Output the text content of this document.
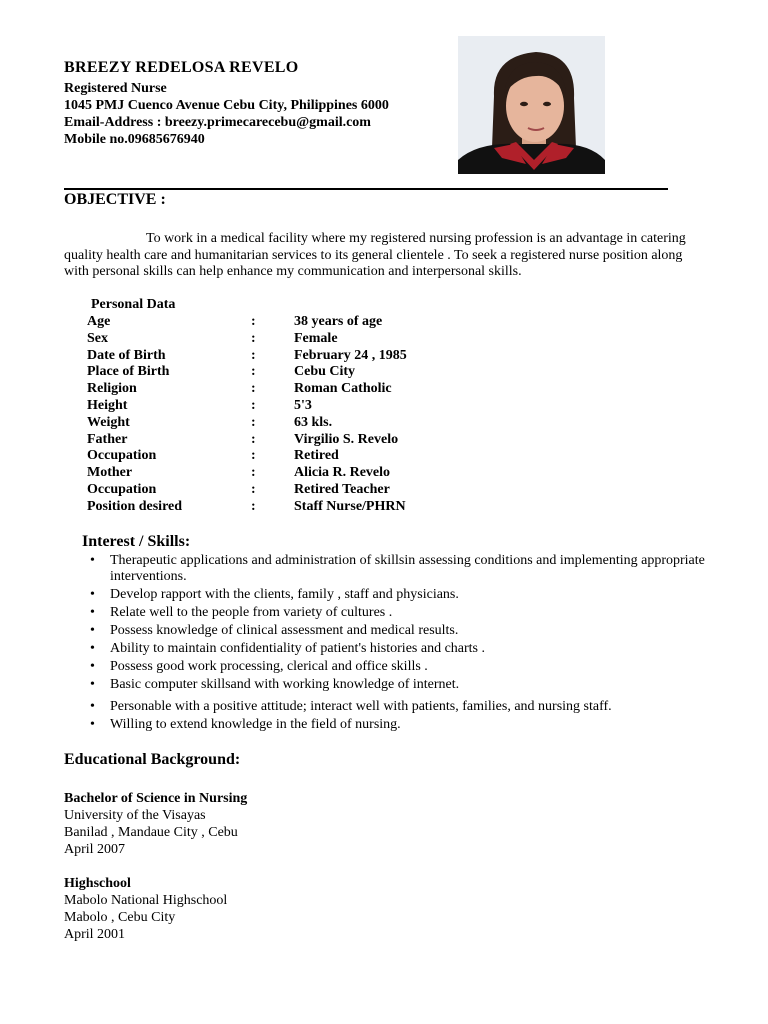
BREEZY REDELOSA REVELO
Registered Nurse
1045 PMJ Cuenco Avenue Cebu City, Philippines 6000
Email-Address : breezy.primecarecebu@gmail.com
Mobile no.09685676940
OBJECTIVE :
To work in a medical facility where my registered nursing profession is an advantage in catering quality health care and humanitarian services to its general clientele . To seek a registered nurse position along with personal skills can help enhance my communication and interpersonal skills.
Personal Data
Age	:	38 years of age
Sex	:	Female
Date of Birth	:	February 24 , 1985
Place of Birth	:	Cebu City
Religion	:	Roman Catholic
Height	:	5'3
Weight	:	63 kls.
Father	:	Virgilio S. Revelo
Occupation	:	Retired
Mother	:	Alicia R. Revelo
Occupation	:	Retired Teacher
Position desired	:	Staff Nurse/PHRN
Interest / Skills:
• Therapeutic applications and administration of skillsin assessing conditions and implementing appropriate interventions.
• Develop rapport with the clients, family , staff and physicians.
• Relate well to the people from variety of cultures .
• Possess knowledge of clinical assessment and medical results.
• Ability to maintain confidentiality of patient's histories and charts .
• Possess good work processing, clerical and office skills .
• Basic computer skillsand with working knowledge of internet.
• Personable with a positive attitude; interact well with patients, families, and nursing staff.
• Willing to extend knowledge in the field of nursing.
Educational Background:
Bachelor of Science in Nursing
University of the Visayas
Banilad , Mandaue City , Cebu
April 2007
Highschool
Mabolo National Highschool
Mabolo , Cebu City
April 2001
